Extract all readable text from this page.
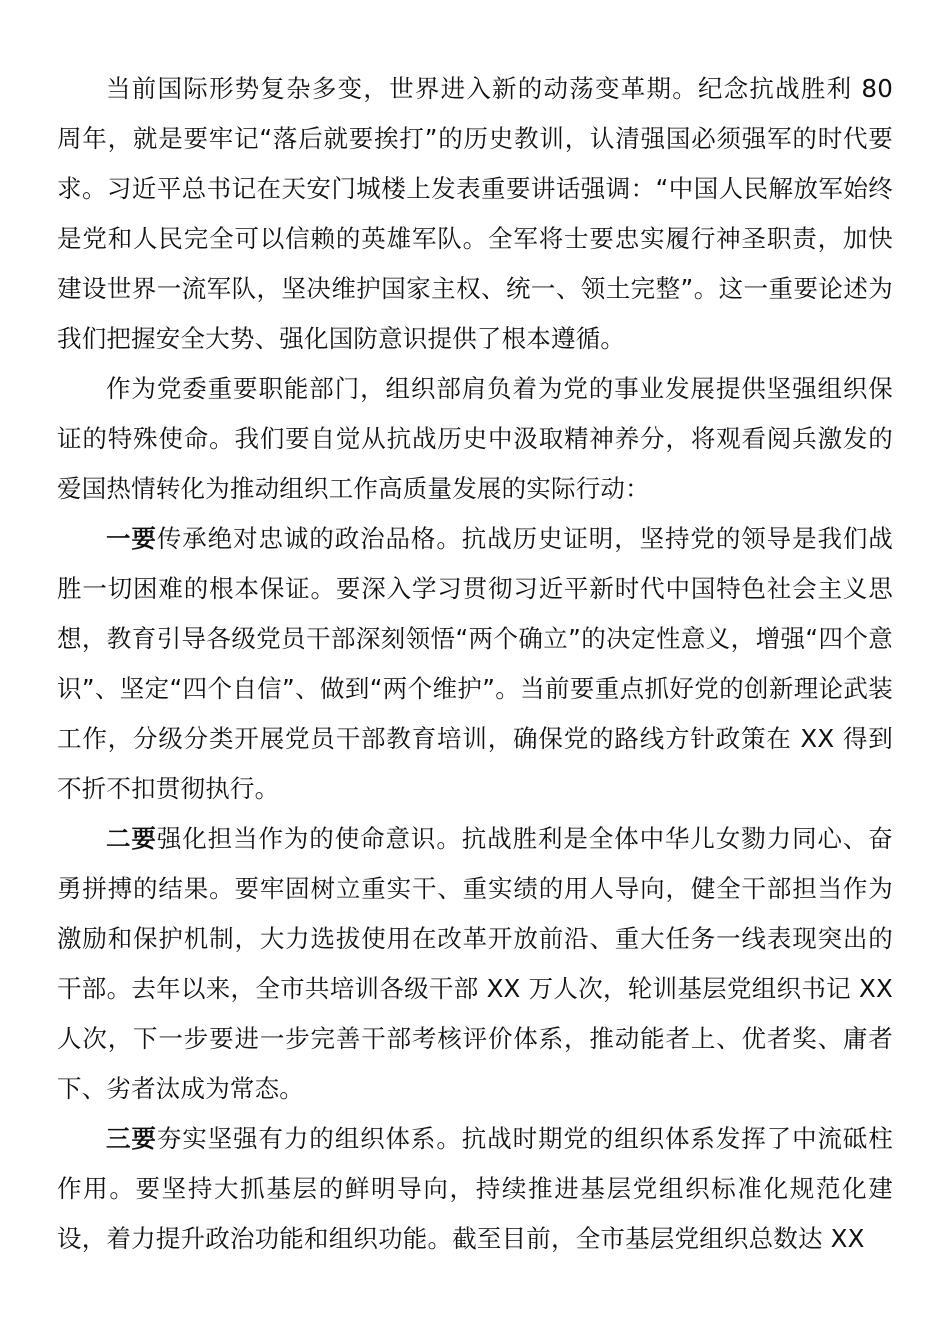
当前国际形势复杂多变，世界进入新的动荡变革期。纪念抗战胜利 80 周年，就是要牢记“落后就要挨打”的历史教训，认清强国必须强军的时代要求。习近平总书记在天安门城楼上发表重要讲话强调：“中国人民解放军始终是党和人民完全可以信赖的英雄军队。全军将士要忠实履行神圣职责，加快建设世界一流军队，坚决维护国家主权、统一、领土完整”。这一重要论述为我们把握安全大势、强化国防意识提供了根本遵循。

作为党委重要职能部门，组织部肩负着为党的事业发展提供坚强组织保证的特殊使命。我们要自觉从抗战历史中汲取精神养分，将观看阅兵激发的爱国热情转化为推动组织工作高质量发展的实际行动：

一要传承绝对忠诚的政治品格。抗战历史证明，坚持党的领导是我们战胜一切困难的根本保证。要深入学习贯彻习近平新时代中国特色社会主义思想，教育引导各级党员干部深刻领悟“两个确立”的决定性意义，增强“四个意识”、坚定“四个自信”、做到“两个维护”。当前要重点抓好党的创新理论武装工作，分级分类开展党员干部教育培训，确保党的路线方针政策在 XX 得到不折不扣贯彻执行。

二要强化担当作为的使命意识。抗战胜利是全体中华儿女勠力同心、奋勇拼搏的结果。要牢固树立重实干、重实绩的用人导向，健全干部担当作为激励和保护机制，大力选拔使用在改革开放前沿、重大任务一线表现突出的干部。去年以来，全市共培训各级干部 XX 万人次，轮训基层党组织书记 XX 人次，下一步要进一步完善干部考核评价体系，推动能者上、优者奖、庸者下、劣者汰成为常态。

三要夯实坚强有力的组织体系。抗战时期党的组织体系发挥了中流砥柱作用。要坚持大抓基层的鲜明导向，持续推进基层党组织标准化规范化建设，着力提升政治功能和组织功能。截至目前，全市基层党组织总数达 XX
